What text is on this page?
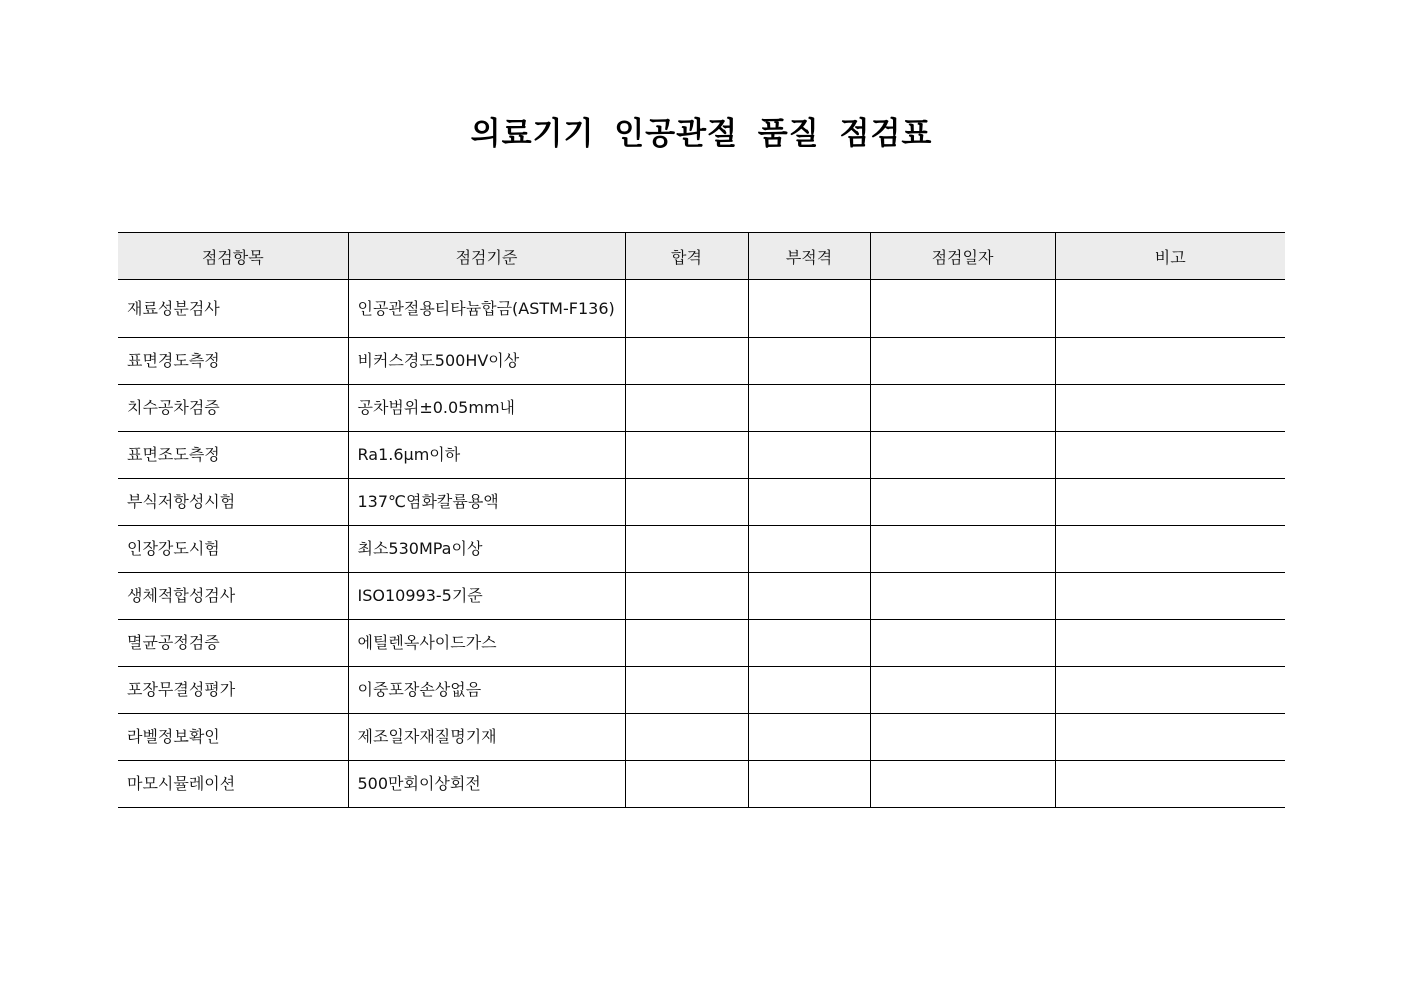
의료기기 인공관절 품질 점검표
점검항목	점검기준	합격	부적격	점검일자	비고
재료성분검사	인공관절용티타늄합금(ASTM-F136)				
표면경도측정	비커스경도500HV이상				
치수공차검증	공차범위±0.05mm내				
표면조도측정	Ra1.6μm이하				
부식저항성시험	137℃염화칼륨용액				
인장강도시험	최소530MPa이상				
생체적합성검사	ISO10993-5기준				
멸균공정검증	에틸렌옥사이드가스				
포장무결성평가	이중포장손상없음				
라벨정보확인	제조일자재질명기재				
마모시뮬레이션	500만회이상회전				
